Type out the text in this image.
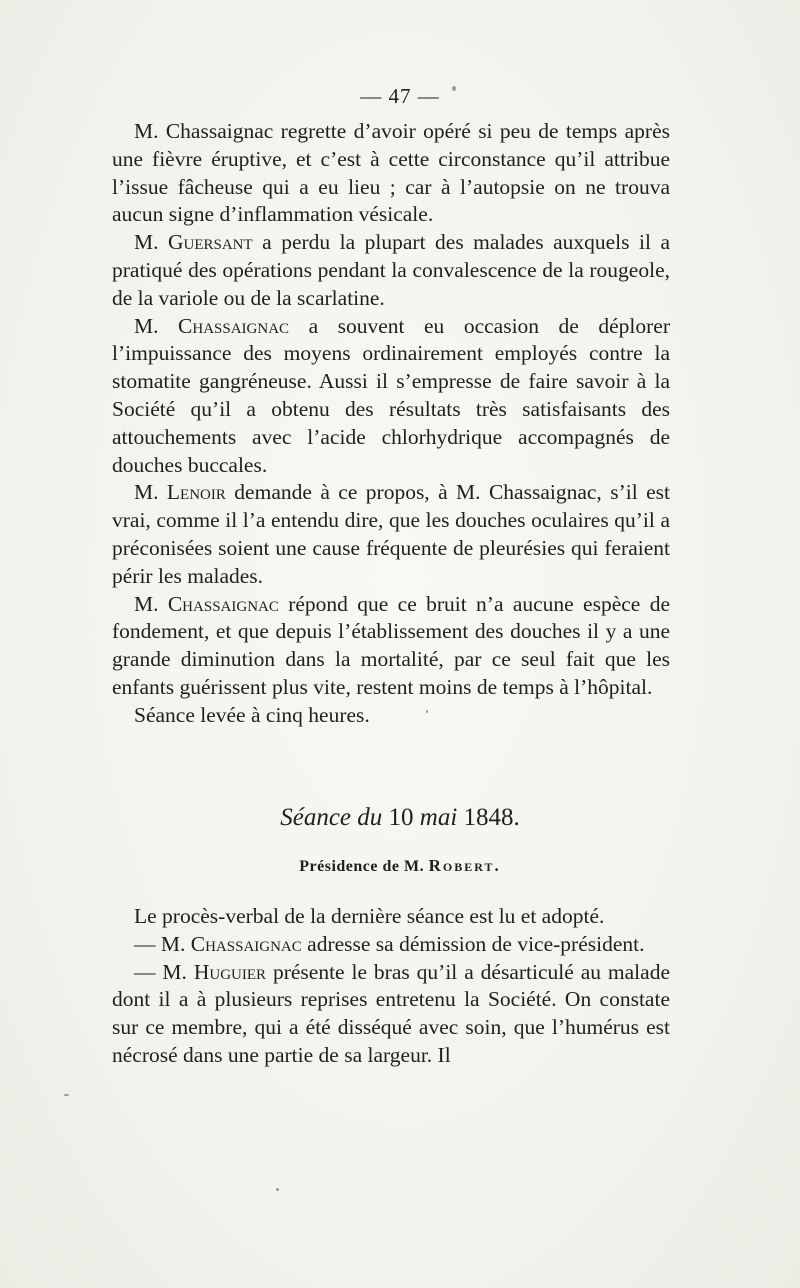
— 47 —

M. Chassaignac regrette d’avoir opéré si peu de temps après une fièvre éruptive, et c’est à cette circonstance qu’il attribue l’issue fâcheuse qui a eu lieu ; car à l’autopsie on ne trouva aucun signe d’inflammation vésicale.

M. Guersant a perdu la plupart des malades auxquels il a pratiqué des opérations pendant la convalescence de la rougeole, de la variole ou de la scarlatine.

M. Chassaignac a souvent eu occasion de déplorer l’impuissance des moyens ordinairement employés contre la stomatite gangréneuse. Aussi il s’empresse de faire savoir à la Société qu’il a obtenu des résultats très satisfaisants des attouchements avec l’acide chlorhydrique accompagnés de douches buccales.

M. Lenoir demande à ce propos, à M. Chassaignac, s’il est vrai, comme il l’a entendu dire, que les douches oculaires qu’il a préconisées soient une cause fréquente de pleurésies qui feraient périr les malades.

M. Chassaignac répond que ce bruit n’a aucune espèce de fondement, et que depuis l’établissement des douches il y a une grande diminution dans la mortalité, par ce seul fait que les enfants guérissent plus vite, restent moins de temps à l’hôpital.

Séance levée à cinq heures.

Séance du 10 mai 1848.
Présidence de M. Robert.

Le procès-verbal de la dernière séance est lu et adopté.

— M. Chassaignac adresse sa démission de vice-président.

— M. Huguier présente le bras qu’il a désarticulé au malade dont il a à plusieurs reprises entretenu la Société. On constate sur ce membre, qui a été disséqué avec soin, que l’humérus est nécrosé dans une partie de sa largeur. Il
